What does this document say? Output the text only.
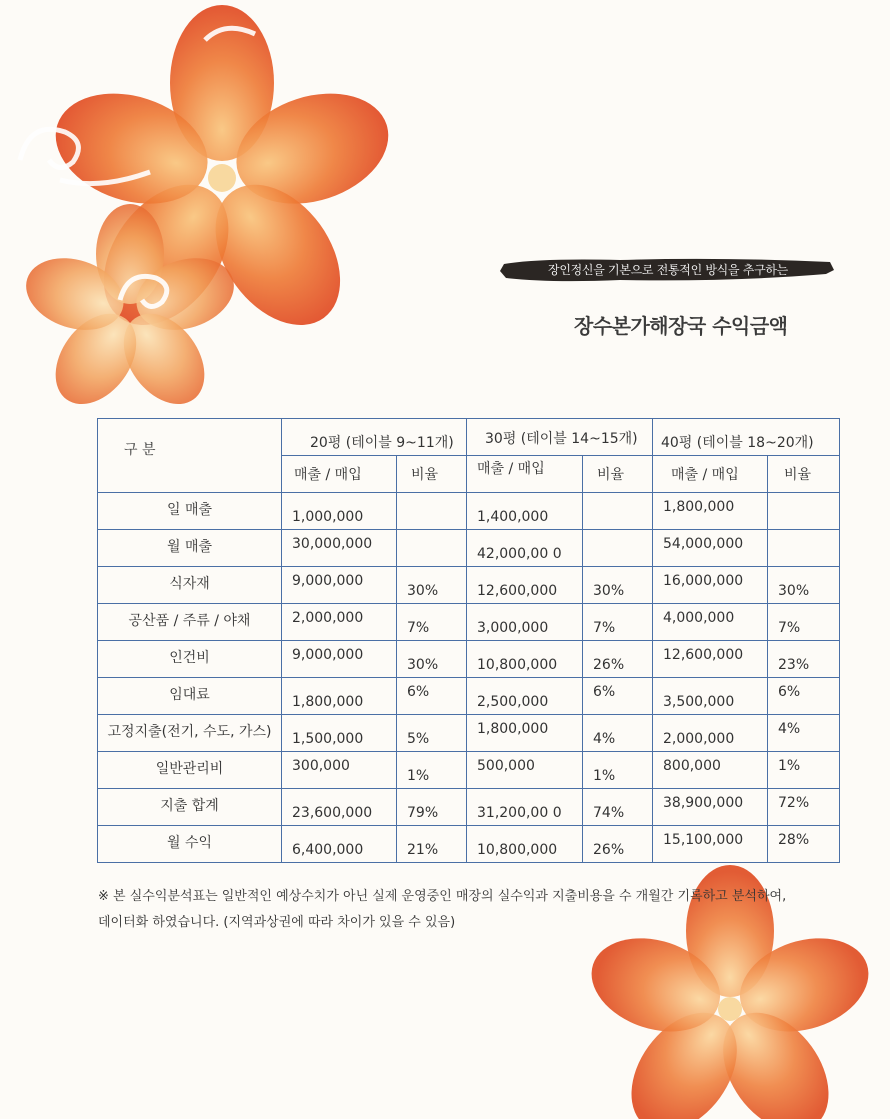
장인정신을 기본으로 전통적인 방식을 추구하는
장수본가해장국 수익금액
구 분	20평 (테이블 9~11개)		30평 (테이블 14~15개)		40평 (테이블 18~20개)	

	매출 / 매입	비율	매출 / 매입	비율	매출 / 매입	비율

일 매출	1,000,000		1,400,000		1,800,000	

월 매출	30,000,000		42,000,00 0		54,000,000	

식자재	9,000,000	30%	12,600,000	30%	16,000,000	30%

공산품 / 주류 / 야채	2,000,000	7%	3,000,000	7%	4,000,000	7%

인건비	9,000,000	30%	10,800,000	26%	12,600,000	23%

임대료	1,800,000	6%	2,500,000	6%	3,500,000	6%

고정지출(전기, 수도, 가스)	1,500,000	5%	1,800,000	4%	2,000,000	4%

일반관리비	300,000	1%	500,000	1%	800,000	1%

지출 합계	23,600,000	79%	31,200,00 0	74%	38,900,000	72%

월 수익	6,400,000	21%	10,800,000	26%	15,100,000	28%
※ 본 실수익분석표는 일반적인 예상수치가 아닌 실제 운영중인 매장의 실수익과 지출비용을 수 개월간 기록하고 분석하여,
데이터화 하였습니다. (지역과상권에 따라 차이가 있을 수 있음)
